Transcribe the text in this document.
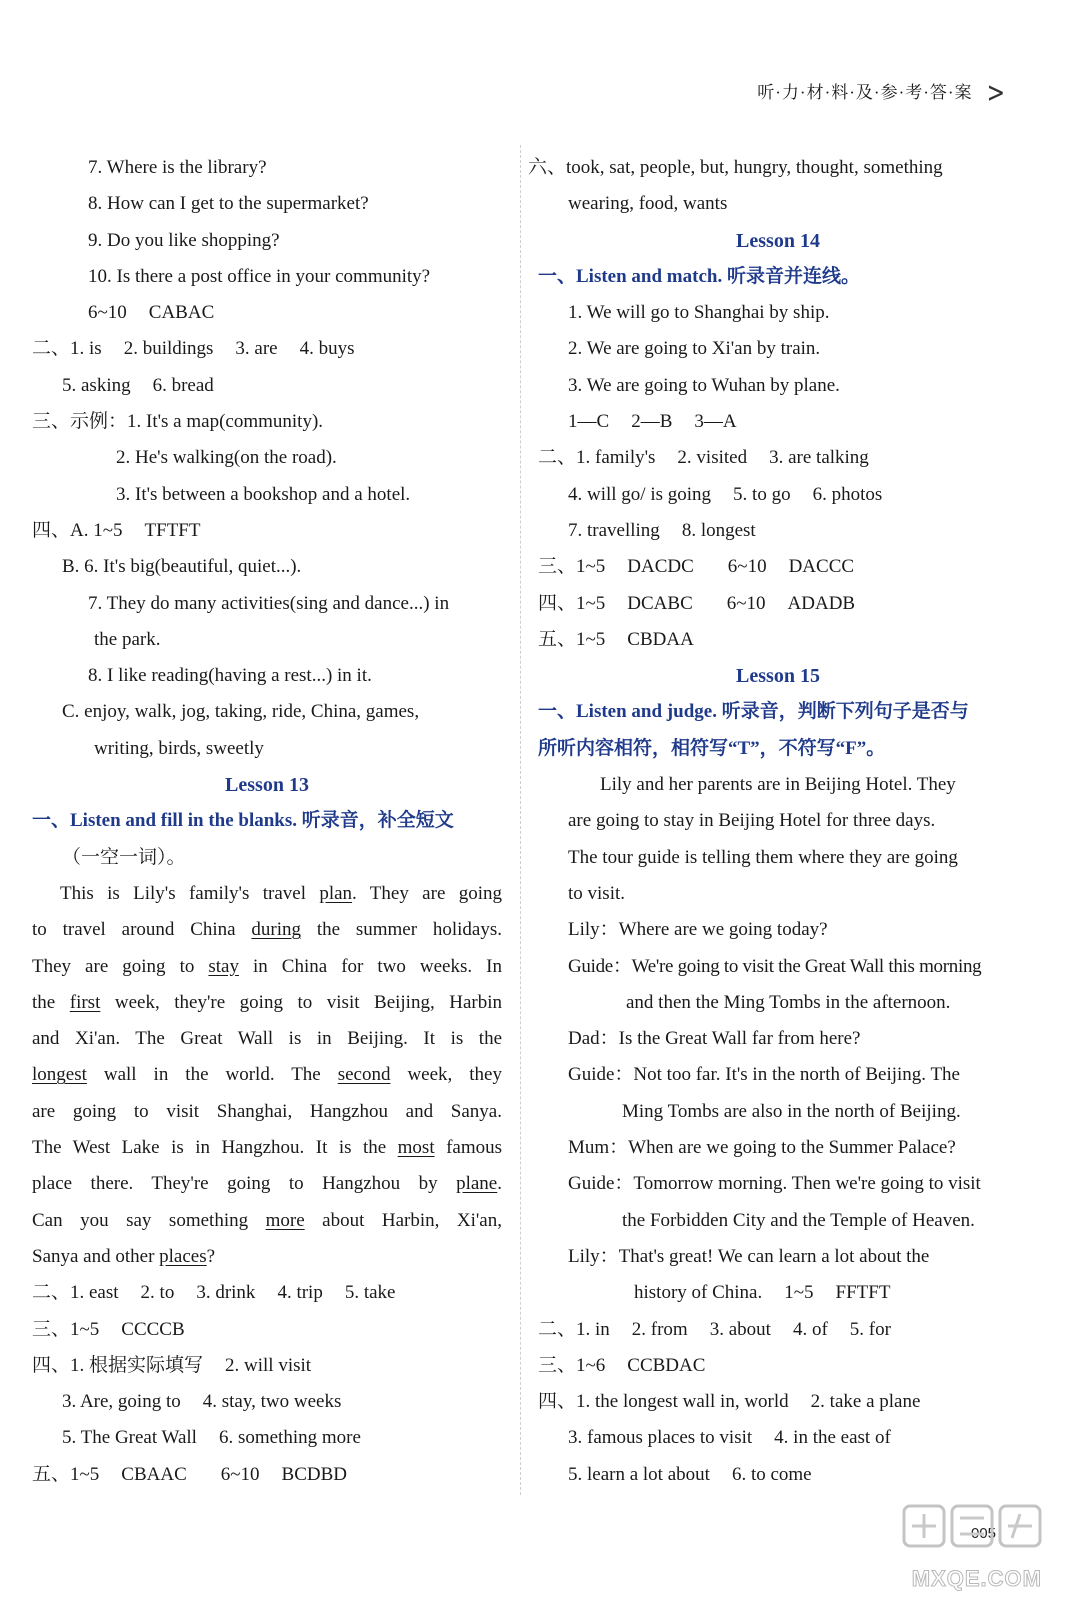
听·力·材·料·及·参·考·答·案 >
7. Where is the library?
8. How can I get to the supermarket?
9. Do you like shopping?
10. Is there a post office in your community?
6~10 CABAC
二、1. is 2. buildings 3. are 4. buys
5. asking 6. bread
三、示例：1. It's a map(community).
2. He's walking(on the road).
3. It's between a bookshop and a hotel.
四、A. 1~5 TFTFT
B. 6. It's big(beautiful, quiet...).
7. They do many activities(sing and dance...) in
the park.
8. I like reading(having a rest...) in it.
C. enjoy, walk, jog, taking, ride, China, games,
writing, birds, sweetly
Lesson 13
一、Listen and fill in the blanks. 听录音，补全短文
（一空一词）。
This is Lily's family's travel plan. They are going
to travel around China during the summer holidays.
They are going to stay in China for two weeks. In
the first week, they're going to visit Beijing, Harbin
and Xi'an. The Great Wall is in Beijing. It is the
longest wall in the world. The second week, they
are going to visit Shanghai, Hangzhou and Sanya.
The West Lake is in Hangzhou. It is the most famous
place there. They're going to Hangzhou by plane.
Can you say something more about Harbin, Xi'an,
Sanya and other places?
二、1. east 2. to 3. drink 4. trip 5. take
三、1~5 CCCCB
四、1. 根据实际填写 2. will visit
3. Are, going to 4. stay, two weeks
5. The Great Wall 6. something more
五、1~5 CBAAC 6~10 BCDBD
六、took, sat, people, but, hungry, thought, something
wearing, food, wants
Lesson 14
一、Listen and match. 听录音并连线。
1. We will go to Shanghai by ship.
2. We are going to Xi'an by train.
3. We are going to Wuhan by plane.
1—C 2—B 3—A
二、1. family's 2. visited 3. are talking
4. will go/ is going 5. to go 6. photos
7. travelling 8. longest
三、1~5 DACDC 6~10 DACCC
四、1~5 DCABC 6~10 ADADB
五、1~5 CBDAA
Lesson 15
一、Listen and judge. 听录音，判断下列句子是否与
所听内容相符，相符写“T”，不符写“F”。
Lily and her parents are in Beijing Hotel. They
are going to stay in Beijing Hotel for three days.
The tour guide is telling them where they are going
to visit.
Lily：Where are we going today?
Guide：We're going to visit the Great Wall this morning
and then the Ming Tombs in the afternoon.
Dad：Is the Great Wall far from here?
Guide：Not too far. It's in the north of Beijing. The
Ming Tombs are also in the north of Beijing.
Mum：When are we going to the Summer Palace?
Guide：Tomorrow morning. Then we're going to visit
the Forbidden City and the Temple of Heaven.
Lily：That's great! We can learn a lot about the
history of China. 1~5 FFTFT
二、1. in 2. from 3. about 4. of 5. for
三、1~6 CCBDAC
四、1. the longest wall in, world 2. take a plane
3. famous places to visit 4. in the east of
5. learn a lot about 6. to come
005
MXQE.COM
